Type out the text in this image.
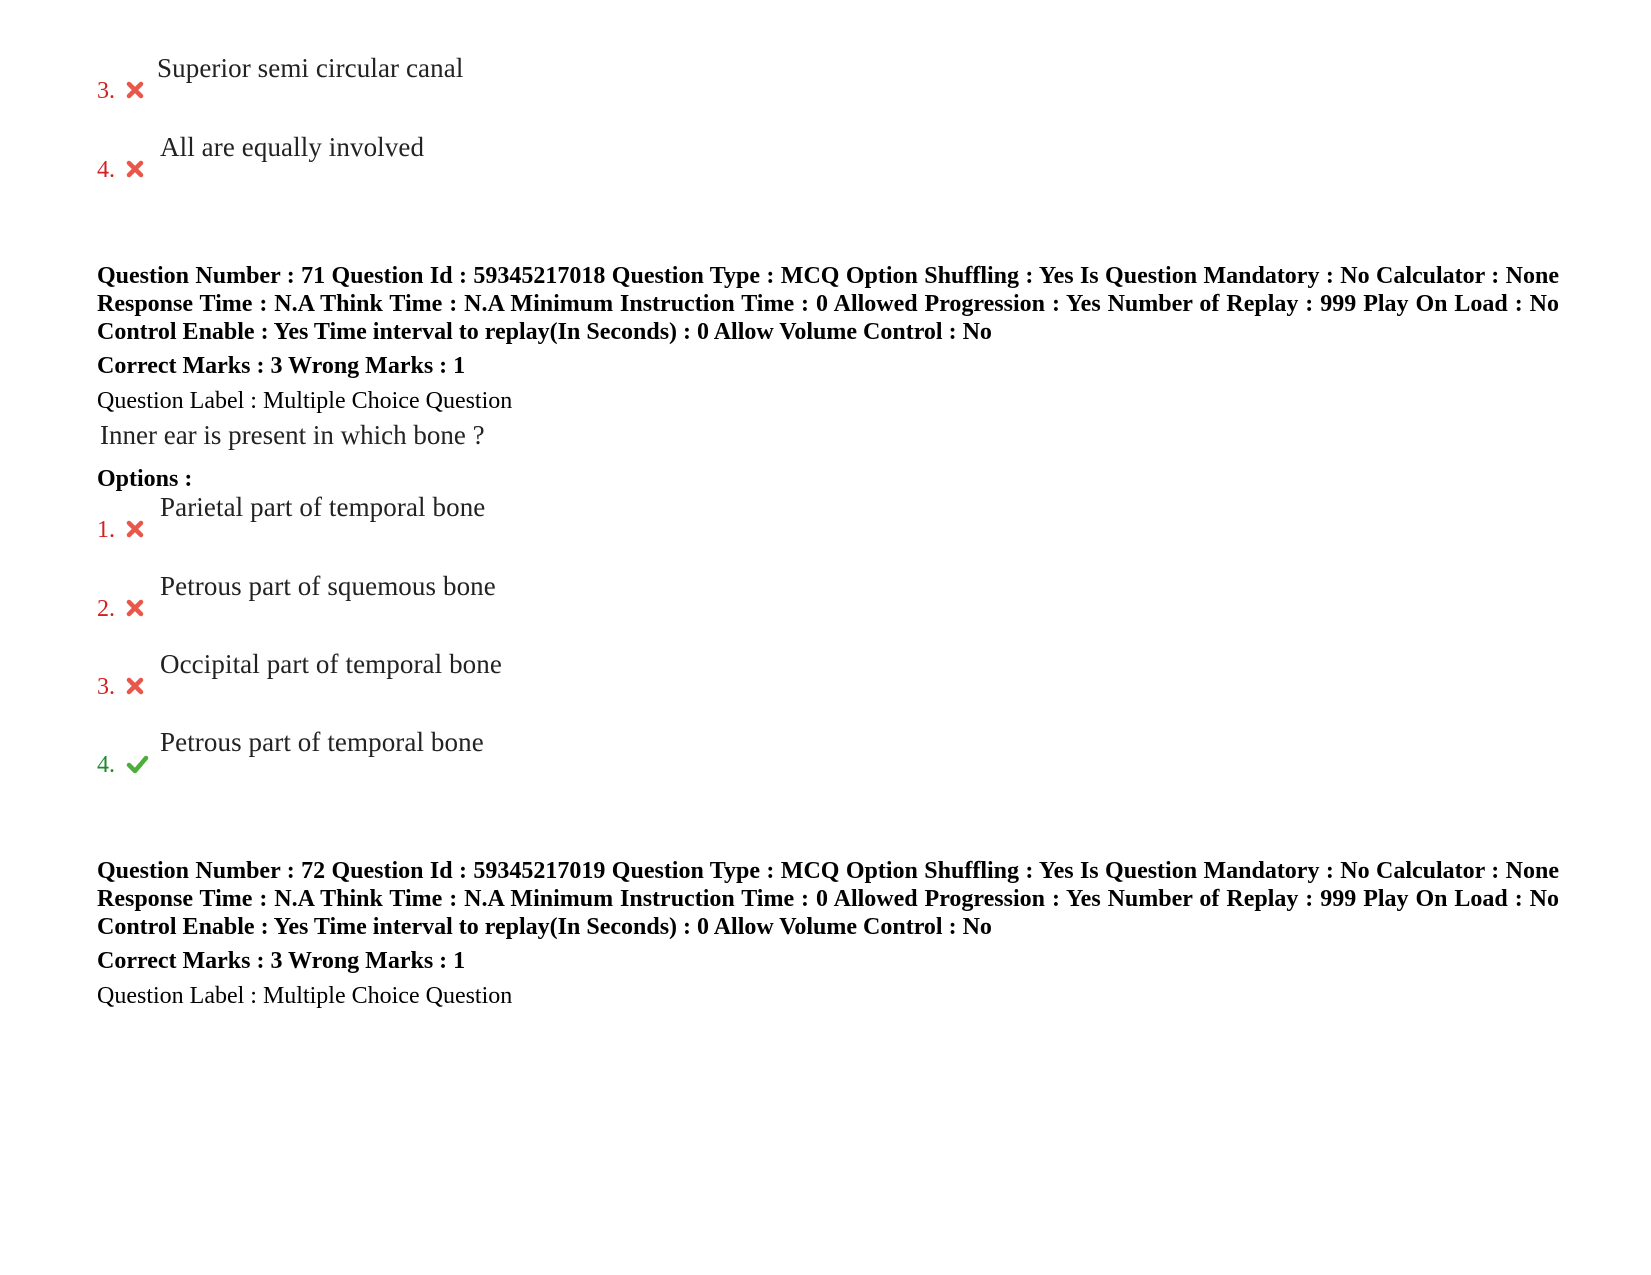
3.
Superior semi circular canal
4.
All are equally involved
Question Number : 71 Question Id : 59345217018 Question Type : MCQ Option Shuffling : Yes Is Question Mandatory : No Calculator : None Response Time : N.A Think Time : N.A Minimum Instruction Time : 0 Allowed Progression : Yes Number of Replay : 999 Play On Load : No Control Enable : Yes Time interval to replay(In Seconds) : 0 Allow Volume Control : No
Correct Marks : 3 Wrong Marks : 1
Question Label : Multiple Choice Question
Inner ear is present in which bone ?
Options :
1.
Parietal part of temporal bone
2.
Petrous part of squemous bone
3.
Occipital part of temporal bone
4.
Petrous part of temporal bone
Question Number : 72 Question Id : 59345217019 Question Type : MCQ Option Shuffling : Yes Is Question Mandatory : No Calculator : None Response Time : N.A Think Time : N.A Minimum Instruction Time : 0 Allowed Progression : Yes Number of Replay : 999 Play On Load : No Control Enable : Yes Time interval to replay(In Seconds) : 0 Allow Volume Control : No
Correct Marks : 3 Wrong Marks : 1
Question Label : Multiple Choice Question
